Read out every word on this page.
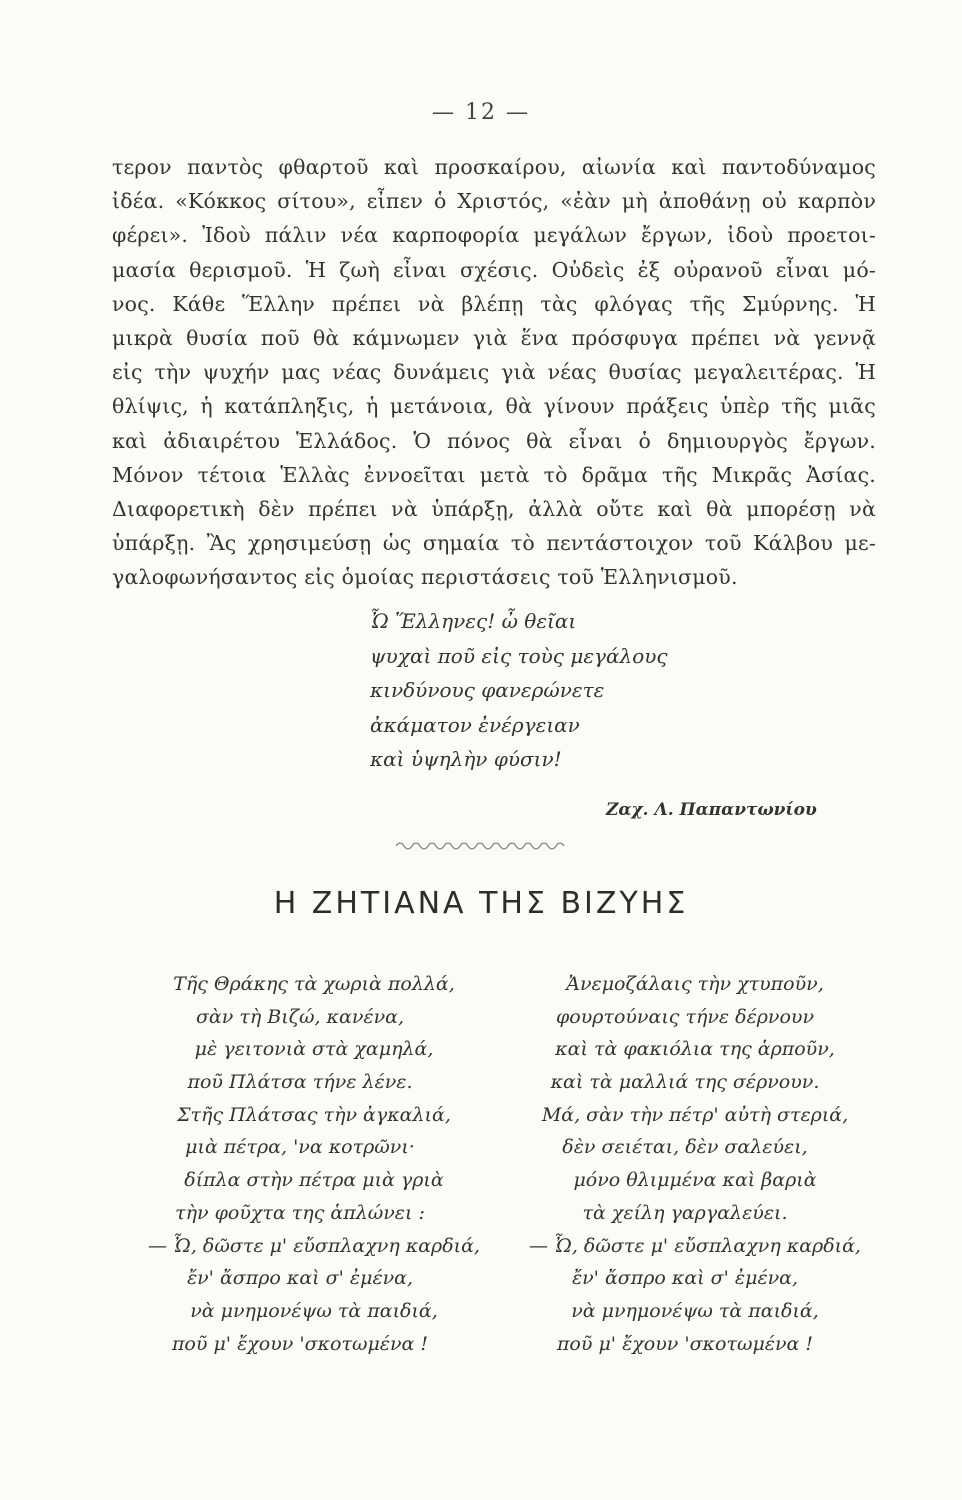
— 12 —
τερον παντὸς φθαρτοῦ καὶ προσκαίρου, αἰωνία καὶ παντοδύναμος
ἰδέα. «Κόκκος σίτου», εἶπεν ὁ Χριστός, «ἐὰν μὴ ἀποθάνῃ οὐ καρπὸν
φέρει». Ἰδοὺ πάλιν νέα καρποφορία μεγάλων ἔργων, ἰδοὺ προετοι-
μασία θερισμοῦ. Ἡ ζωὴ εἶναι σχέσις. Οὐδεὶς ἐξ οὐρανοῦ εἶναι μό-
νος. Κάθε Ἕλλην πρέπει νὰ βλέπῃ τὰς φλόγας τῆς Σμύρνης. Ἡ
μικρὰ θυσία ποῦ θὰ κάμνωμεν γιὰ ἕνα πρόσφυγα πρέπει νὰ γεννᾷ
εἰς τὴν ψυχήν μας νέας δυνάμεις γιὰ νέας θυσίας μεγαλειτέρας. Ἡ
θλίψις, ἡ κατάπληξις, ἡ μετάνοια, θὰ γίνουν πράξεις ὑπὲρ τῆς μιᾶς
καὶ ἀδιαιρέτου Ἑλλάδος. Ὁ πόνος θὰ εἶναι ὁ δημιουργὸς ἔργων.
Μόνον τέτοια Ἑλλὰς ἐννοεῖται μετὰ τὸ δρᾶμα τῆς Μικρᾶς Ἀσίας.
Διαφορετικὴ δὲν πρέπει νὰ ὑπάρξῃ, ἀλλὰ οὔτε καὶ θὰ μπορέσῃ νὰ
ὑπάρξῃ. Ἂς χρησιμεύσῃ ὡς σημαία τὸ πεντάστοιχον τοῦ Κάλβου με-
γαλοφωνήσαντος εἰς ὁμοίας περιστάσεις τοῦ Ἑλληνισμοῦ.
Ὦ Ἕλληνες! ὦ θεῖαι
ψυχαὶ ποῦ εἰς τοὺς μεγάλους
κινδύνους φανερώνετε
ἀκάματον ἐνέργειαν
καὶ ὑψηλὴν φύσιν!
Ζαχ. Λ. Παπαντωνίου
Η ΖΗΤΙΑΝΑ ΤΗΣ ΒΙΖΥΗΣ
Τῆς Θράκης τὰ χωριὰ πολλά,
σὰν τὴ Βιζώ, κανένα,
μὲ γειτονιὰ στὰ χαμηλά,
ποῦ Πλάτσα τήνε λένε.
Στῆς Πλάτσας τὴν ἀγκαλιά,
μιὰ πέτρα, 'να κοτρῶνι·
δίπλα στὴν πέτρα μιὰ γριὰ
τὴν φοῦχτα της ἁπλώνει :
— Ὦ, δῶστε μ' εὔσπλαχνη καρδιά,
ἔν' ἄσπρο καὶ σ' ἐμένα,
νὰ μνημονέψω τὰ παιδιά,
ποῦ μ' ἔχουν 'σκοτωμένα !
Ἀνεμοζάλαις τὴν χτυποῦν,
φουρτούναις τήνε δέρνουν
καὶ τὰ φακιόλια της ἁρποῦν,
καὶ τὰ μαλλιά της σέρνουν.
Μά, σὰν τὴν πέτρ' αὐτὴ στεριά,
δὲν σειέται, δὲν σαλεύει,
μόνο θλιμμένα καὶ βαριὰ
τὰ χείλη γαργαλεύει.
— Ὦ, δῶστε μ' εὔσπλαχνη καρδιά,
ἔν' ἄσπρο καὶ σ' ἐμένα,
νὰ μνημονέψω τὰ παιδιά,
ποῦ μ' ἔχουν 'σκοτωμένα !
